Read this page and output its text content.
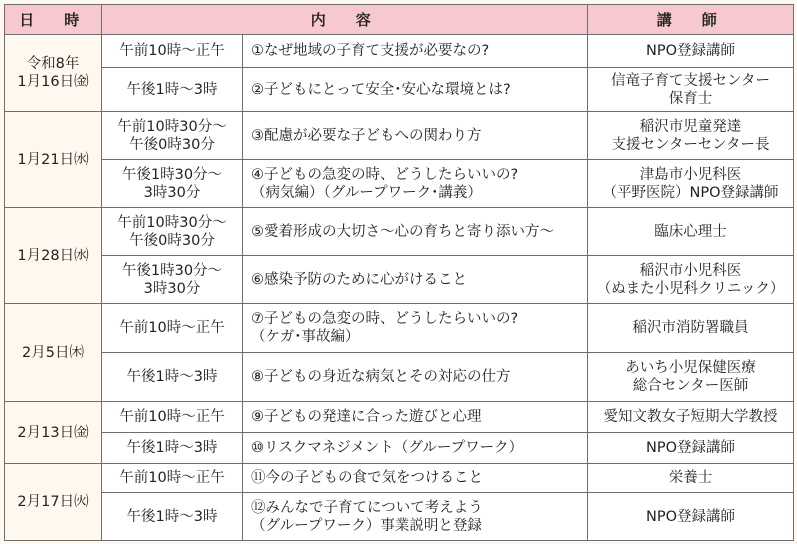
日　時	内　容		講　師

令和8年
1月16日㈮	午前10時～正午	①なぜ地域の子育て支援が必要なの?	NPO登録講師

	午後1時～3時	②子どもにとって安全･安心な環境とは?	信竜子育て支援センター
保育士

1月21日㈬	午前10時30分～
午後0時30分	③配慮が必要な子どもへの関わり方	稲沢市児童発達
支援センターセンター長

	午後1時30分～
3時30分	④子どもの急変の時、どうしたらいいの?
（病気編）（グループワーク･講義）	津島市小児科医
（平野医院）NPO登録講師

1月28日㈬	午前10時30分～
午後0時30分	⑤愛着形成の大切さ～心の育ちと寄り添い方～	臨床心理士

	午後1時30分～
3時30分	⑥感染予防のために心がけること	稲沢市小児科医
（ぬまた小児科クリニック）

2月5日㈭	午前10時～正午	⑦子どもの急変の時、どうしたらいいの?
（ケガ･事故編）	稲沢市消防署職員

	午後1時～3時	⑧子どもの身近な病気とその対応の仕方	あいち小児保健医療
総合センター医師

2月13日㈮	午前10時～正午	⑨子どもの発達に合った遊びと心理	愛知文教女子短期大学教授

	午後1時～3時	⑩リスクマネジメント（グループワーク）	NPO登録講師

2月17日㈫	午前10時～正午	⑪今の子どもの食で気をつけること	栄養士

	午後1時～3時	⑫みんなで子育てについて考えよう
（グループワーク）事業説明と登録	NPO登録講師
